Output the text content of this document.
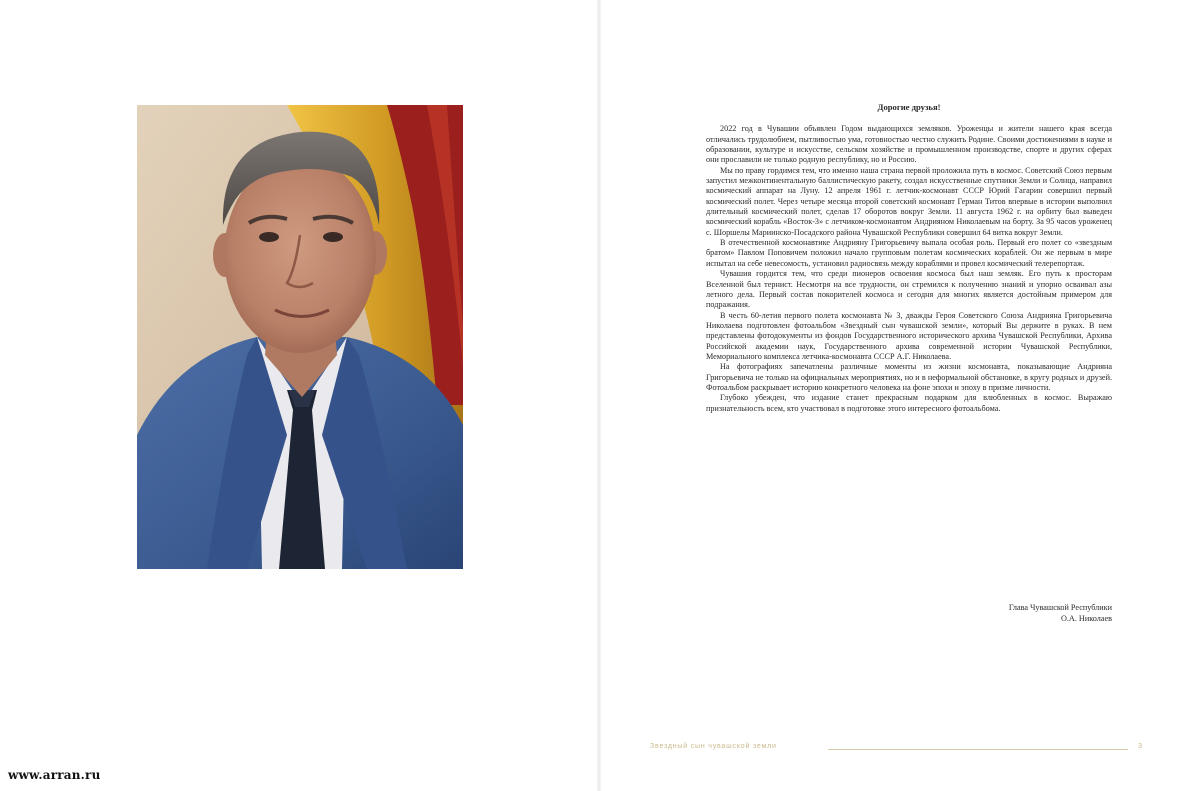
www.arran.ru

Дорогие друзья!

2022 год в Чувашии объявлен Годом выдающихся земляков. Уроженцы и жители нашего края всегда отличались трудолюбием, пытливостью ума, готовностью честно служить Родине. Своими достижениями в науке и образовании, культуре и искусстве, сельском хозяйстве и промышленном производстве, спорте и других сферах они прославили не только родную республику, но и Россию.

Мы по праву гордимся тем, что именно наша страна первой проложила путь в космос. Советский Союз первым запустил межконтинентальную баллистическую ракету, создал искусственные спутники Земли и Солнца, направил космический аппарат на Луну. 12 апреля 1961 г. летчик-космонавт СССР Юрий Гагарин совершил первый космический полет. Через четыре месяца второй советский космонавт Герман Титов впервые в истории выполнил длительный космический полет, сделав 17 оборотов вокруг Земли. 11 августа 1962 г. на орбиту был выведен космический корабль «Восток-3» с летчиком-космонавтом Андрияном Николаевым на борту. За 95 часов уроженец с. Шоршелы Мариинско-Посадского района Чувашской Республики совершил 64 витка вокруг Земли.

В отечественной космонавтике Андрияну Григорьевичу выпала особая роль. Первый его полет со «звездным братом» Павлом Поповичем положил начало групповым полетам космических кораблей. Он же первым в мире испытал на себе невесомость, установил радиосвязь между кораблями и провел космический телерепортаж.

Чувашия гордится тем, что среди пионеров освоения космоса был наш земляк. Его путь к просторам Вселенной был тернист. Несмотря на все трудности, он стремился к получению знаний и упорно осваивал азы летного дела. Первый состав покорителей космоса и сегодня для многих является достойным примером для подражания.

В честь 60-летия первого полета космонавта № 3, дважды Героя Советского Союза Андрияна Григорьевича Николаева подготовлен фотоальбом «Звездный сын чувашской земли», который Вы держите в руках. В нем представлены фотодокументы из фондов Государственного исторического архива Чувашской Республики, Архива Российской академии наук, Государственного архива современной истории Чувашской Республики, Мемориального комплекса летчика-космонавта СССР А.Г. Николаева.

На фотографиях запечатлены различные моменты из жизни космонавта, показывающие Андрияна Григорьевича не только на официальных мероприятиях, но и в неформальной обстановке, в кругу родных и друзей. Фотоальбом раскрывает историю конкретного человека на фоне эпохи и эпоху в призме личности.

Глубоко убежден, что издание станет прекрасным подарком для влюбленных в космос. Выражаю признательность всем, кто участвовал в подготовке этого интересного фотоальбома.

Глава Чувашской Республики
О.А. Николаев
Звездный сын чувашской земли	3
